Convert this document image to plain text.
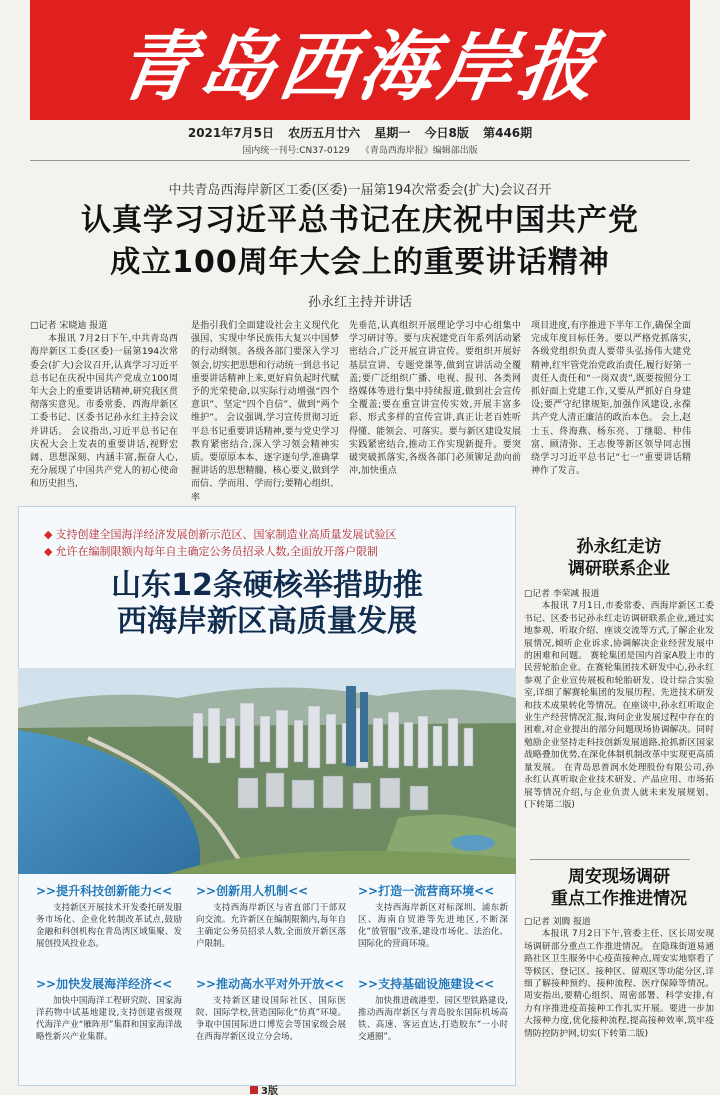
青岛西海岸报
2021年7月5日 农历五月廿六 星期一 今日8版 第446期
国内统一刊号:CN37-0129 《青岛西海岸报》编辑部出版
中共青岛西海岸新区工委(区委)一届第194次常委会(扩大)会议召开
认真学习习近平总书记在庆祝中国共产党
成立100周年大会上的重要讲话精神
孙永红主持并讲话

□记者 宋晓迪 报道

本报讯 7月2日下午,中共青岛西海岸新区工委(区委)一届第194次常委会(扩大)会议召开,认真学习习近平总书记在庆祝中国共产党成立100周年大会上的重要讲话精神,研究我区贯彻落实意见。市委常委、西海岸新区工委书记、区委书记孙永红主持会议并讲话。 会议指出,习近平总书记在庆祝大会上发表的重要讲话,视野宏阔、思想深刻、内涵丰富,振奋人心,充分展现了中国共产党人的初心使命和历史担当,

是指引我们全面建设社会主义现代化强国、实现中华民族伟大复兴中国梦的行动纲领。各级各部门要深入学习领会,切实把思想和行动统一到总书记重要讲话精神上来,更好肩负起时代赋予的光荣使命,以实际行动增强“四个意识”、坚定“四个自信”、做到“两个维护”。 会议强调,学习宣传贯彻习近平总书记重要讲话精神,要与党史学习教育紧密结合,深入学习领会精神实质。要原原本本、逐字逐句学,准确掌握讲话的思想精髓、核心要义,做到学而信、学而用、学而行;要精心组织、率

先垂范,认真组织开展理论学习中心组集中学习研讨等。要与庆祝建党百年系列活动紧密结合,广泛开展宣讲宣传。要组织开展好基层宣讲、专题党课等,做到宣讲活动全覆盖;要广泛组织广播、电视、报刊、各类网络媒体等进行集中持续报道,做到社会宣传全覆盖;要在重宣讲宣传实效,开展丰富多彩、形式多样的宣传宣讲,真正让老百姓听得懂、能领会、可落实。要与新区建设发展实践紧密结合,推动工作实现新提升。要突破突破抓落实,各级各部门必须铆足劲向前冲,加快重点

项目进度,有序推进下半年工作,确保全面完成年度目标任务。要以严格党抓落实,各级党组织负责人要带头弘扬伟大建党精神,红牢管党治党政治责任,履行好第一责任人责任和“一岗双责”,既要按照分工抓好面上党建工作,又要从严抓好自身建设;要严守纪律规矩,加强作风建设,永葆共产党人清正廉洁的政治本色。 会上,赵士玉、佟海燕、杨东亮、丁继聪、仲伟富、顾清弥、王志俊等新区领导同志围绕学习习近平总书记“七一”重要讲话精神作了发言。

◆ 支持创建全国海洋经济发展创新示范区、国家制造业高质量发展试验区
◆ 允许在编制限额内每年自主确定公务员招录人数,全面放开落户限制
山东12条硬核举措助推
西海岸新区高质量发展
>>提升科技创新能力<<

支持新区开展技术开发委托研发服务市场化、企业化转制改革试点,鼓励金融和科创机构在青岛湾区域集聚、发展创投风投业态。

>>创新用人机制<<

支持西海岸新区与省直部门干部双向交流。允许新区在编制限额内,每年自主确定公务员招录人数,全面放开新区落户限制。

>>打造一流营商环境<<

支持西海岸新区对标深圳、浦东新区、海南自贸港等先进地区,不断深化“放管服”改革,建设市场化、法治化、国际化的营商环境。

>>加快发展海洋经济<<

加快中国海洋工程研究院、国家海洋药物中试基地建设,支持创建省级现代海洋产业“雁阵形”集群和国家海洋战略性新兴产业集群。

>>推动高水平对外开放<<

支持新区建设国际社区、国际医院、国际学校,营造国际化“仿真”环境。争取中国国际进口博览会等国家级会展在西海岸新区设立分会场。

>>支持基础设施建设<<

加快推进疏港型、园区型铁路建设,推动西海岸新区与青岛胶东国际机场高铁、高速、客运直达,打造胶东“一小时交通圈”。

孙永红走访
调研联系企业

□记者 李荣减 报道

本报讯 7月1日,市委常委、西海岸新区工委书记、区委书记孙永红走访调研联系企业,通过实地参观、听取介绍、座谈交流等方式,了解企业发展情况,倾听企业诉求,协调解决企业经营发展中的困难和问题。 赛轮集团是国内首家A股上市的民营轮胎企业。在赛轮集团技术研发中心,孙永红参观了企业宣传展板和轮胎研发、设计综合实验室,详细了解赛轮集团的发展历程、先进技术研发和技术成果转化等情况。在座谈中,孙永红听取企业生产经营情况汇报,询问企业发展过程中存在的困难,对企业提出的部分问题现场协调解决。同时勉励企业坚持走科技创新发展道路,抢抓新区国家战略叠加优势,在深化体制机制改革中实现更高质量发展。 在青岛思普润水处理股份有限公司,孙永红认真听取企业技术研发、产品应用、市场拓展等情况介绍,与企业负责人就未来发展规划、(下转第二版)

周安现场调研
重点工作推进情况

□记者 刘腾 报道

本报讯 7月2日下午,管委主任、区长周安现场调研部分重点工作推进情况。 在隐珠街道易通路社区卫生服务中心疫苗接种点,周安实地察看了等候区、登记区、接种区、留观区等功能分区,详细了解接种预约、接种流程、医疗保障等情况。 周安指出,要精心组织、周密部署、科学安排,有力有序推进疫苗接种工作扎实开展。要进一步加大接种力度,优化接种流程,提高接种效率,筑牢疫情防控防护网,切实(下转第二版)

3版
